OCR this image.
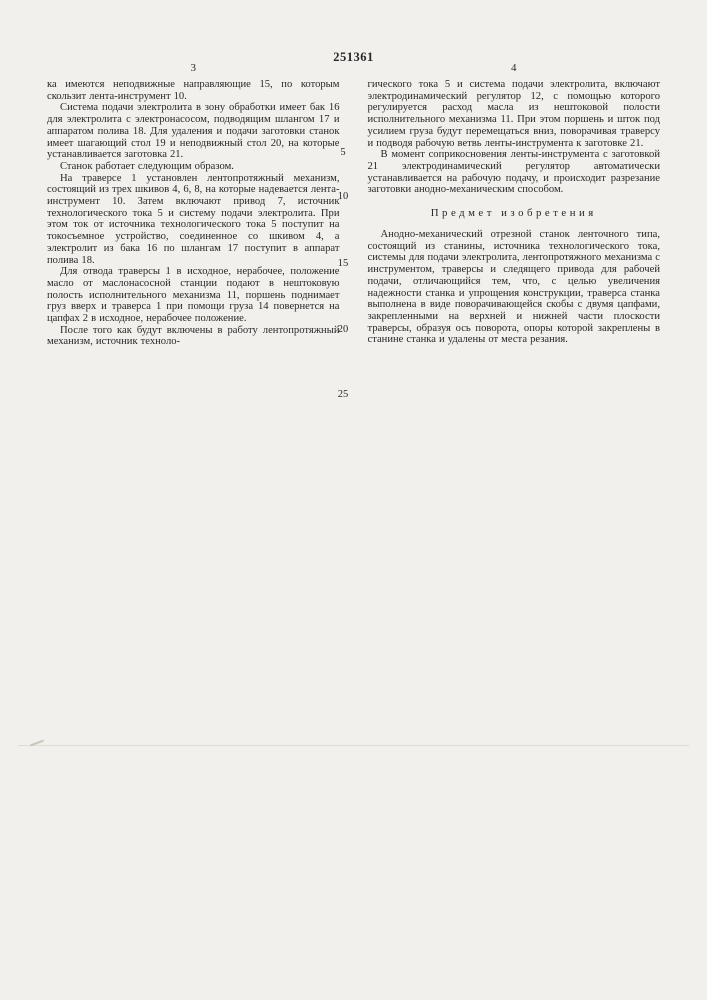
251361
3

ка имеются неподвижные направляющие 15, по которым скользит лента-инструмент 10.

Система подачи электролита в зону обработки имеет бак 16 для электролита с электронасосом, подводящим шлангом 17 и аппаратом полива 18. Для удаления и подачи заготовки станок имеет шагающий стол 19 и неподвижный стол 20, на которые устанавливается заготовка 21.

Станок работает следующим образом.

На траверсе 1 установлен лентопротяжный механизм, состоящий из трех шкивов 4, 6, 8, на которые надевается лента-инструмент 10. Затем включают привод 7, источник технологического тока 5 и систему подачи электролита. При этом ток от источника технологического тока 5 поступит на токосъемное устройство, соединенное со шкивом 4, а электролит из бака 16 по шлангам 17 поступит в аппарат полива 18.

Для отвода траверсы 1 в исходное, нерабочее, положение масло от маслонасосной станции подают в нештоковую полость исполнительного механизма 11, поршень поднимает груз вверх и траверса 1 при помощи груза 14 повернется на цапфах 2 в исходное, нерабочее положение.

После того как будут включены в работу лентопротяжный механизм, источник техноло-

4

гического тока 5 и система подачи электролита, включают электродинамический регулятор 12, с помощью которого регулируется расход масла из нештоковой полости исполнительного механизма 11. При этом поршень и шток под усилием груза будут перемещаться вниз, поворачивая траверсу и подводя рабочую ветвь ленты-инструмента к заготовке 21.

В момент соприкосновения ленты-инструмента с заготовкой 21 электродинамический регулятор автоматически устанавливается на рабочую подачу, и происходит разрезание заготовки анодно-механическим способом.

Предмет изобретения

Анодно-механический отрезной станок ленточного типа, состоящий из станины, источника технологического тока, системы для подачи электролита, лентопротяжного механизма с инструментом, траверсы и следящего привода для рабочей подачи, отличающийся тем, что, с целью увеличения надежности станка и упрощения конструкции, траверса станка выполнена в виде поворачивающейся скобы с двумя цапфами, закрепленными на верхней и нижней части плоскости траверсы, образуя ось поворота, опоры которой закреплены в станине станка и удалены от места резания.

5
10
15
20
25
